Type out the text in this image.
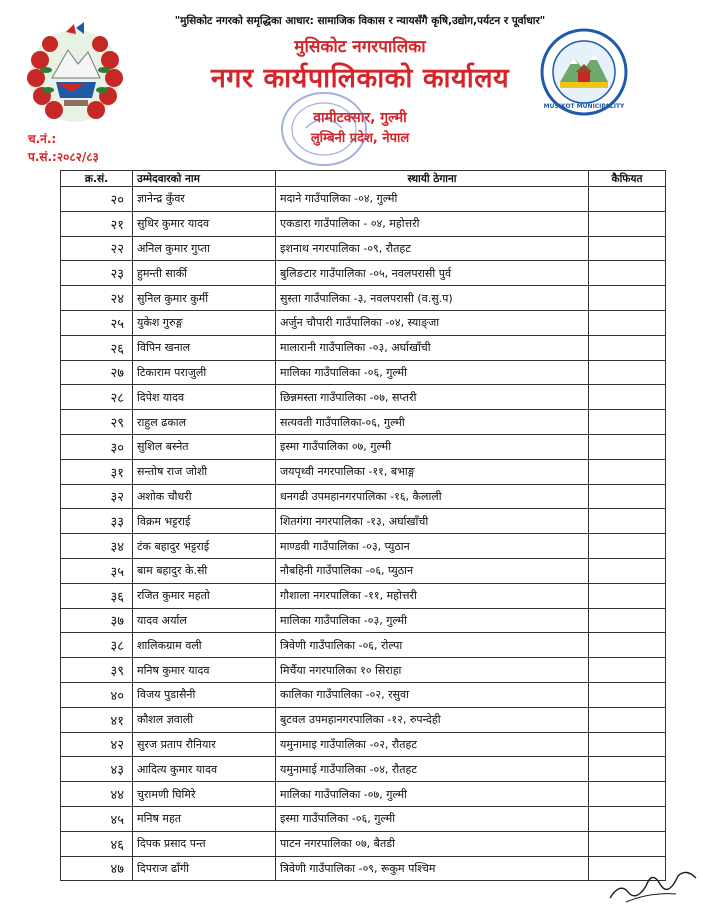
"मुसिकोट नगरको समृद्धिका आधार: सामाजिक विकास र न्यायसँगै कृषि,उद्योग,पर्यटन र पूर्वाधार"
मुसिकोट नगरपालिका
नगर कार्यपालिकाको कार्यालय
वामीटक्सार, गुल्मी
लुम्बिनी प्रदेश, नेपाल
MUSIKOT MUNICIPALITY
च.नं.:
प.सं.:२०८२/८३
क्र.सं.	उम्मेदवारको नाम	स्थायी ठेगाना	कैफियत
२०	ज्ञानेन्द्र कुँवर	मदाने गाउँपालिका -०४, गुल्मी	
२१	सुधिर कुमार यादव	एकडारा गाउँपालिका - ०४, महोत्तरी	
२२	अनिल कुमार गुप्ता	इशनाथ नगरपालिका -०९, रौतहट	
२३	हुमन्ती सार्की	बुलिङटार गाउँपालिका -०५, नवलपरासी पुर्व	
२४	सुनिल कुमार कुर्मी	सुस्ता गाउँपालिका -३, नवलपरासी (व.सु.प)	
२५	युकेश गुरुङ्ग	अर्जुन चौपारी गाउँपालिका -०४, स्याङ्जा	
२६	विपिन खनाल	मालारानी गाउँपालिका -०३, अर्घाखाँची	
२७	टिकाराम पराजुली	मालिका गाउँपालिका -०६, गुल्मी	
२८	दिपेश यादव	छिन्नमस्ता गाउँपालिका -०७, सप्तरी	
२९	राहुल ढकाल	सत्यवती गाउँपालिका-०६, गुल्मी	
३०	सुशिल बस्नेत	इस्मा गाउँपालिका ०७, गुल्मी	
३१	सन्तोष राज जोशी	जयपृथ्वी नगरपालिका -११, बभाङ्ग	
३२	अशोक चौधरी	धनगढी उपमहानगरपालिका -१६, कैलाली	
३३	विक्रम भट्टराई	शितगंगा नगरपालिका -१३, अर्घाखाँची	
३४	टंक बहादुर भट्टराई	माण्डवी गाउँपालिका -०३, प्युठान	
३५	बाम बहादुर के.सी	नौबहिनी गाउँपालिका -०६, प्युठान	
३६	रजित कुमार महतो	गौशाला नगरपालिका -११, महोत्तरी	
३७	यादव अर्याल	मालिका गाउँपालिका -०३, गुल्मी	
३८	शालिकग्राम वली	त्रिवेणी गाउँपालिका -०६, रोल्पा	
३९	मनिष कुमार यादव	मिर्चैया नगरपालिका १० सिराहा	
४०	विजय पुडासैनी	कालिका गाउँपालिका -०२, रसुवा	
४१	कौशल ज्ञवाली	बुटवल उपमहानगरपालिका -१२, रुपन्देही	
४२	सुरज प्रताप रौनियार	यमुनामाइ गाउँपालिका -०२, रौतहट	
४३	आदित्य कुमार यादव	यमुनामाई गाउँपालिका -०४, रौतहट	
४४	चुरामणी घिमिरे	मालिका गाउँपालिका -०७, गुल्मी	
४५	मनिष महत	इस्मा गाउँपालिका -०६, गुल्मी	
४६	दिपक प्रसाद पन्त	पाटन नगरपालिका ०७, बैतडी	
४७	दिपराज ढाँगी	त्रिवेणी गाउँपालिका -०९, रूकुम पश्चिम	
